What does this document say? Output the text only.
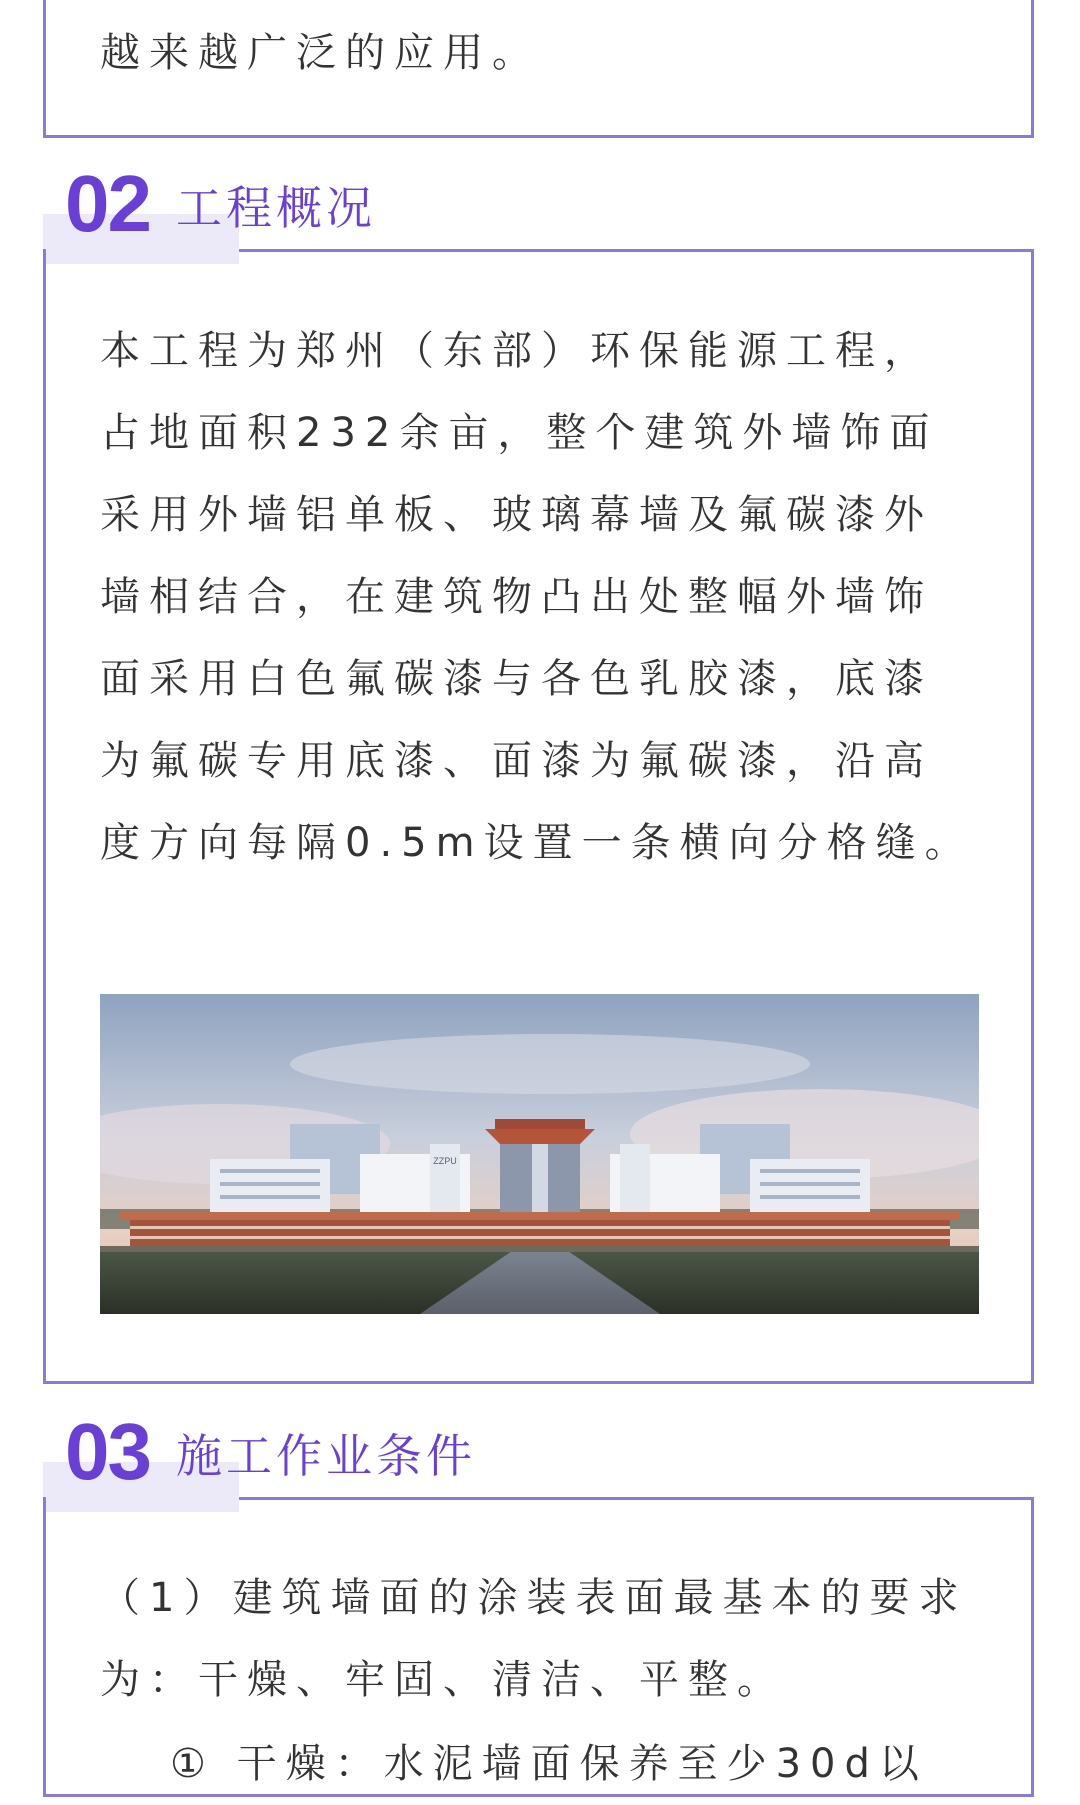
越来越广泛的应用。

02 工程概况

本工程为郑州（东部）环保能源工程，占地面积232余亩，整个建筑外墙饰面采用外墙铝单板、玻璃幕墙及氟碳漆外墙相结合，在建筑物凸出处整幅外墙饰面采用白色氟碳漆与各色乳胶漆，底漆为氟碳专用底漆、面漆为氟碳漆，沿高度方向每隔0.5m设置一条横向分格缝。

ZZPU
03 施工作业条件

（1）建筑墙面的涂装表面最基本的要求为：干燥、牢固、清洁、平整。

① 干燥：水泥墙面保养至少30d以
